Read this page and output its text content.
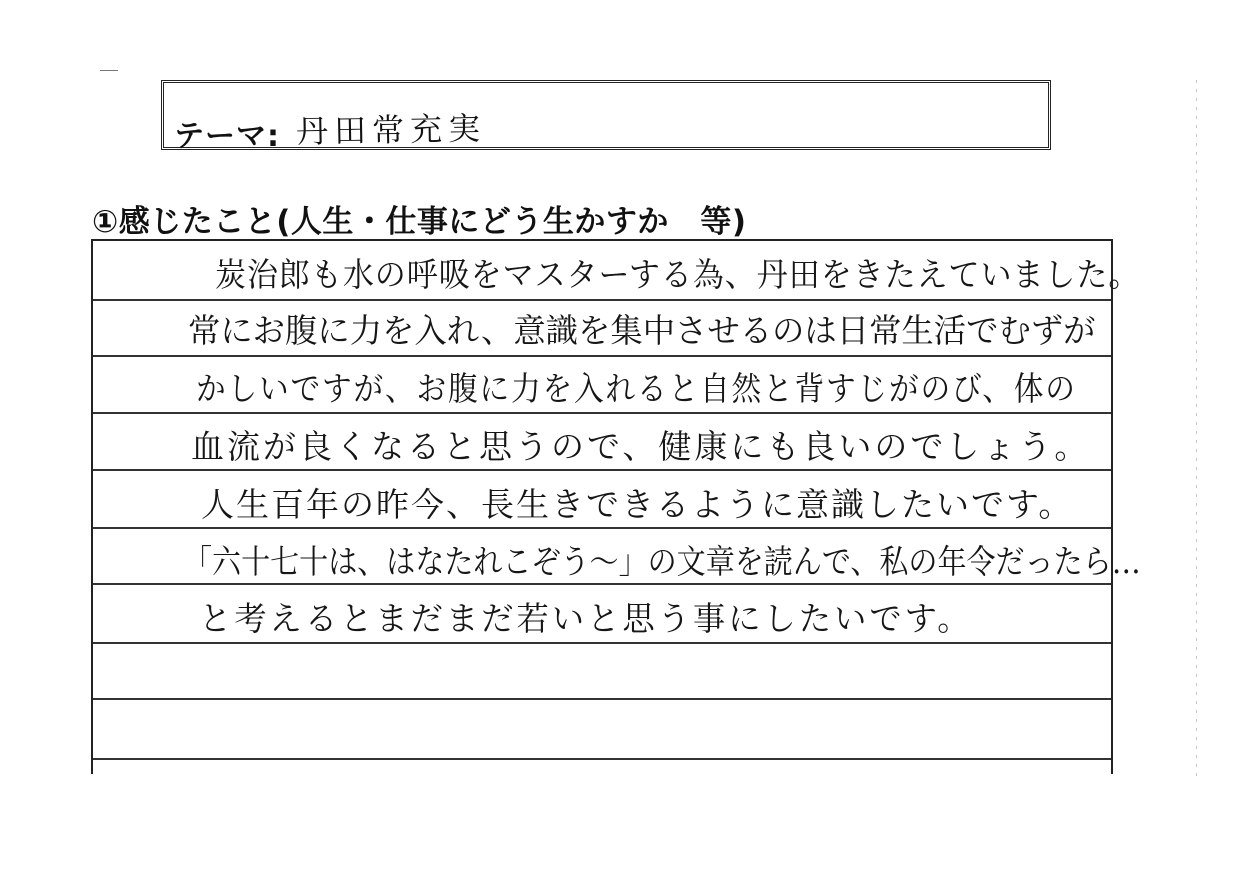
テーマ: 丹田常充実
①感じたこと(人生・仕事にどう生かすか　等)
炭治郎も水の呼吸をマスターする為、丹田をきたえていました。
常にお腹に力を入れ、意識を集中させるのは日常生活でむずが
かしいですが、お腹に力を入れると自然と背すじがのび、体の
血流が良くなると思うので、健康にも良いのでしょう。
人生百年の昨今、長生きできるように意識したいです。
「六十七十は、はなたれこぞう〜」の文章を読んで、私の年令だったら…
と考えるとまだまだ若いと思う事にしたいです。
